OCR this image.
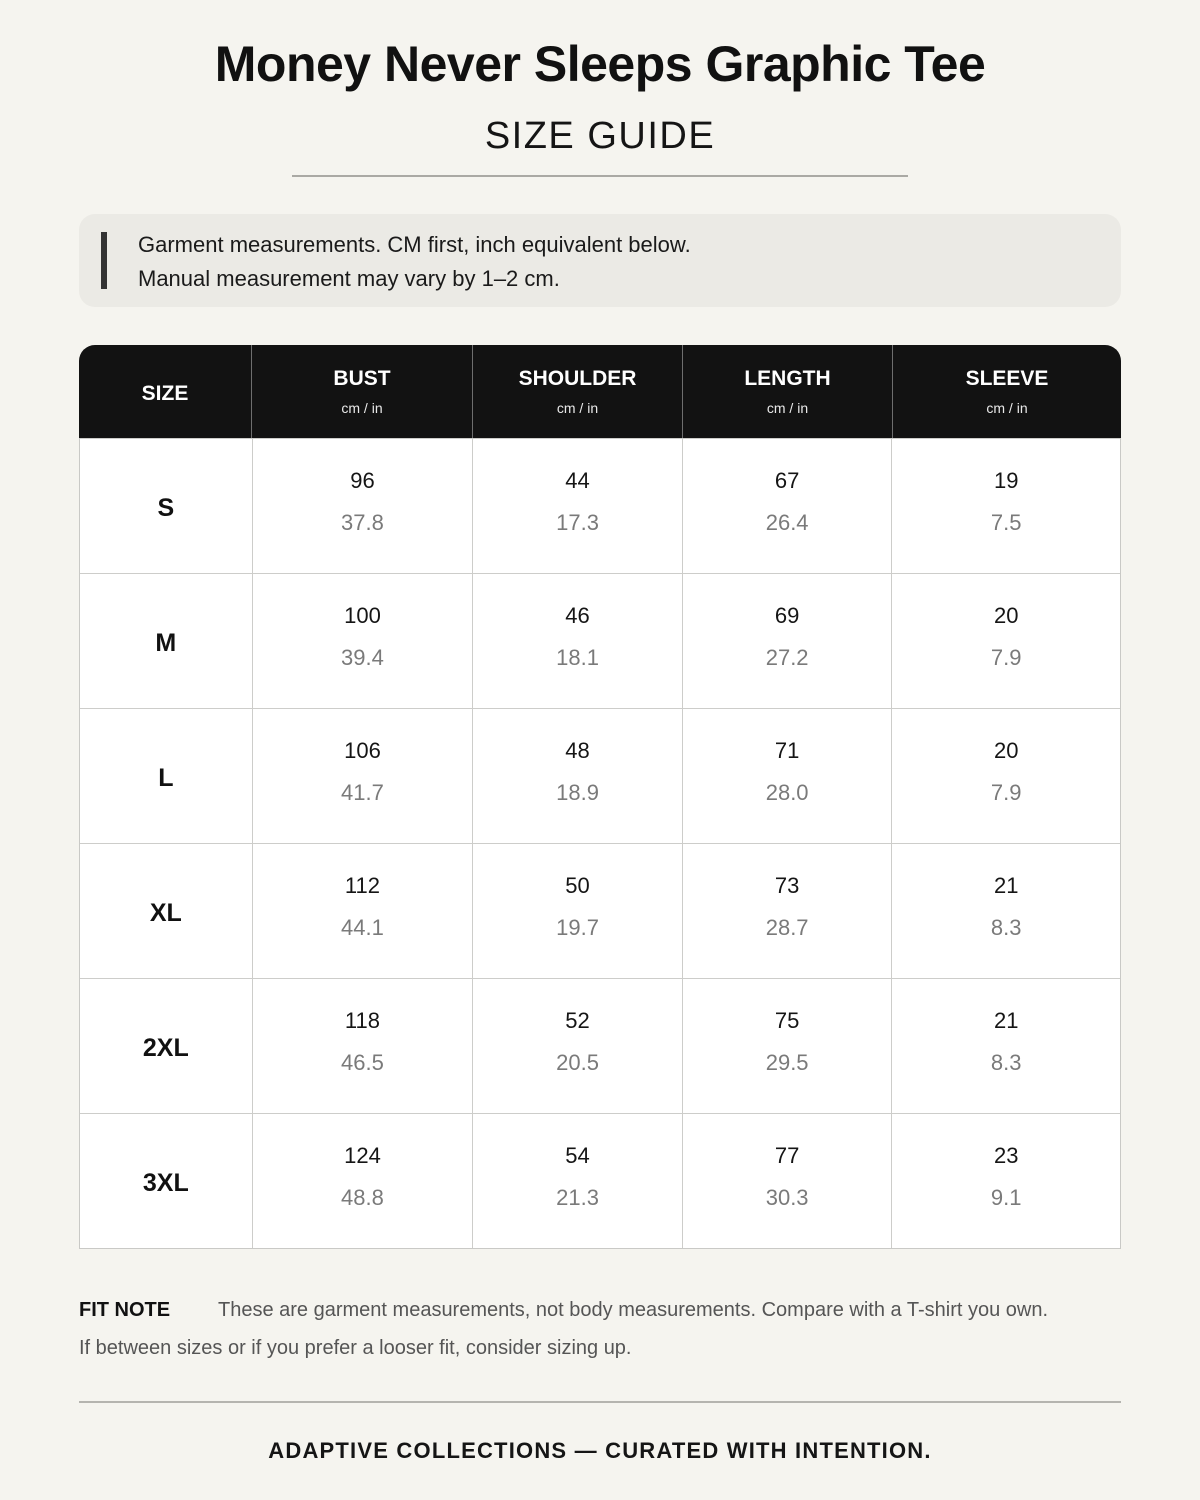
Money Never Sleeps Graphic Tee
SIZE GUIDE
Garment measurements. CM first, inch equivalent below.
Manual measurement may vary by 1–2 cm.
SIZE
BUST
cm / in
SHOULDER
cm / in
LENGTH
cm / in
SLEEVE
cm / in
S
96
37.8
44
17.3
67
26.4
19
7.5
M
100
39.4
46
18.1
69
27.2
20
7.9
L
106
41.7
48
18.9
71
28.0
20
7.9
XL
112
44.1
50
19.7
73
28.7
21
8.3
2XL
118
46.5
52
20.5
75
29.5
21
8.3
3XL
124
48.8
54
21.3
77
30.3
23
9.1
FIT NOTE These are garment measurements, not body measurements. Compare with a T-shirt you own.
If between sizes or if you prefer a looser fit, consider sizing up.
ADAPTIVE COLLECTIONS — CURATED WITH INTENTION.
